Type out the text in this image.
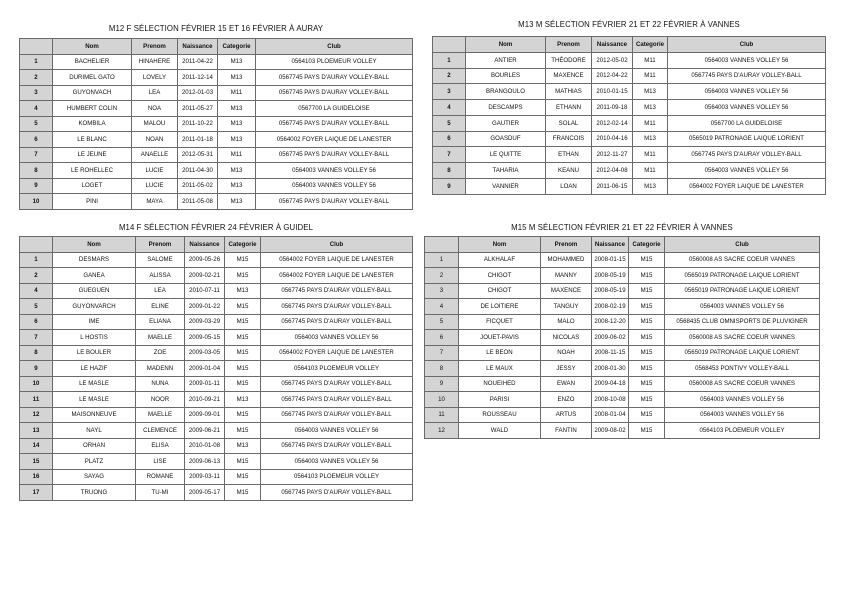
M12 F SÉLECTION FÉVRIER 15 ET 16 FÉVRIER À AURAY
	Nom	Prenom	Naissance	Categorie	Club
1	BACHELIER	HINAHERE	2011-04-22	M13	0564103 PLOEMEUR VOLLEY
2	DURIMEL GATO	LOVELY	2011-12-14	M13	0567745 PAYS D'AURAY VOLLEY-BALL
3	GUYONVACH	LEA	2012-01-03	M11	0567745 PAYS D'AURAY VOLLEY-BALL
4	HUMBERT COLIN	NOA	2011-05-27	M13	0567700 LA GUIDELOISE
5	KOMBILA	MALOU	2011-10-22	M13	0567745 PAYS D'AURAY VOLLEY-BALL
6	LE BLANC	NOAN	2011-01-18	M13	0564002 FOYER LAIQUE DE LANESTER
7	LE JEUNE	ANAELLE	2012-05-31	M11	0567745 PAYS D'AURAY VOLLEY-BALL
8	LE ROHELLEC	LUCIE	2011-04-30	M13	0564003 VANNES VOLLEY 56
9	LOGET	LUCIE	2011-05-02	M13	0564003 VANNES VOLLEY 56
10	PINI	MAYA	2011-05-08	M13	0567745 PAYS D'AURAY VOLLEY-BALL
M13 M SÉLECTION FÉVRIER 21 ET 22 FÉVRIER À VANNES
	Nom	Prenom	Naissance	Categorie	Club
1	ANTIER	THÉODORE	2012-05-02	M11	0564003 VANNES VOLLEY 56
2	BOURLES	MAXENCE	2012-04-22	M11	0567745 PAYS D'AURAY VOLLEY-BALL
3	BRANGOULO	MATHIAS	2010-01-15	M13	0564003 VANNES VOLLEY 56
4	DESCAMPS	ETHANN	2011-09-18	M13	0564003 VANNES VOLLEY 56
5	GAUTIER	SOLAL	2012-02-14	M11	0567700 LA GUIDELOISE
6	GOASDUF	FRANCOIS	2010-04-16	M13	0565019 PATRONAGE LAIQUE LORIENT
7	LE QUITTE	ETHAN	2012-11-27	M11	0567745 PAYS D'AURAY VOLLEY-BALL
8	TAHARIA	KEANU	2012-04-08	M11	0564003 VANNES VOLLEY 56
9	VANNIER	LOAN	2011-06-15	M13	0564002 FOYER LAIQUE DE LANESTER
M14 F SÉLECTION FÉVRIER 24 FÉVRIER À GUIDEL
	Nom	Prenom	Naissance	Categorie	Club
1	DESMARS	SALOME	2009-05-26	M15	0564002 FOYER LAIQUE DE LANESTER
2	GANEA	ALISSA	2009-02-21	M15	0564002 FOYER LAIQUE DE LANESTER
4	GUEGUEN	LEA	2010-07-11	M13	0567745 PAYS D'AURAY VOLLEY-BALL
5	GUYONVARCH	ELINE	2009-01-22	M15	0567745 PAYS D'AURAY VOLLEY-BALL
6	IME	ELIANA	2009-03-29	M15	0567745 PAYS D'AURAY VOLLEY-BALL
7	L HOSTIS	MAELLE	2009-05-15	M15	0564003 VANNES VOLLEY 56
8	LE BOULER	ZOE	2009-03-05	M15	0564002 FOYER LAIQUE DE LANESTER
9	LE HAZIF	MADENN	2009-01-04	M15	0564103 PLOEMEUR VOLLEY
10	LE MASLE	NUNA	2009-01-11	M15	0567745 PAYS D'AURAY VOLLEY-BALL
11	LE MASLE	NOOR	2010-09-21	M13	0567745 PAYS D'AURAY VOLLEY-BALL
12	MAISONNEUVE	MAELLE	2009-09-01	M15	0567745 PAYS D'AURAY VOLLEY-BALL
13	NAYL	CLEMENCE	2009-06-21	M15	0564003 VANNES VOLLEY 56
14	ORHAN	ELISA	2010-01-08	M13	0567745 PAYS D'AURAY VOLLEY-BALL
15	PLATZ	LISE	2009-06-13	M15	0564003 VANNES VOLLEY 56
16	SAYAG	ROMANE	2009-03-11	M15	0564103 PLOEMEUR VOLLEY
17	TRUONG	TU-MI	2009-05-17	M15	0567745 PAYS D'AURAY VOLLEY-BALL
M15 M SÉLECTION FÉVRIER 21 ET 22 FÉVRIER À VANNES
	Nom	Prenom	Naissance	Categorie	Club
1	ALKHALAF	MOHAMMED	2008-01-15	M15	0560008 AS SACRE COEUR VANNES
2	CHIGOT	MANNY	2008-05-19	M15	0565019 PATRONAGE LAIQUE LORIENT
3	CHIGOT	MAXENCE	2008-05-19	M15	0565019 PATRONAGE LAIQUE LORIENT
4	DE LOITIERE	TANGUY	2008-02-19	M15	0564003 VANNES VOLLEY 56
5	FICQUET	MALO	2008-12-20	M15	0568435 CLUB OMNISPORTS DE PLUVIGNER
6	JOUET-PAVIS	NICOLAS	2009-06-02	M15	0560008 AS SACRE COEUR VANNES
7	LE BEON	NOAH	2008-11-15	M15	0565019 PATRONAGE LAIQUE LORIENT
8	LE MAUX	JESSY	2008-01-30	M15	0568453 PONTIVY VOLLEY-BALL
9	NOUEIHED	EWAN	2009-04-18	M15	0560008 AS SACRE COEUR VANNES
10	PARISI	ENZO	2008-10-08	M15	0564003 VANNES VOLLEY 56
11	ROUSSEAU	ARTUS	2008-01-04	M15	0564003 VANNES VOLLEY 56
12	WALD	FANTIN	2009-08-02	M15	0564103 PLOEMEUR VOLLEY
